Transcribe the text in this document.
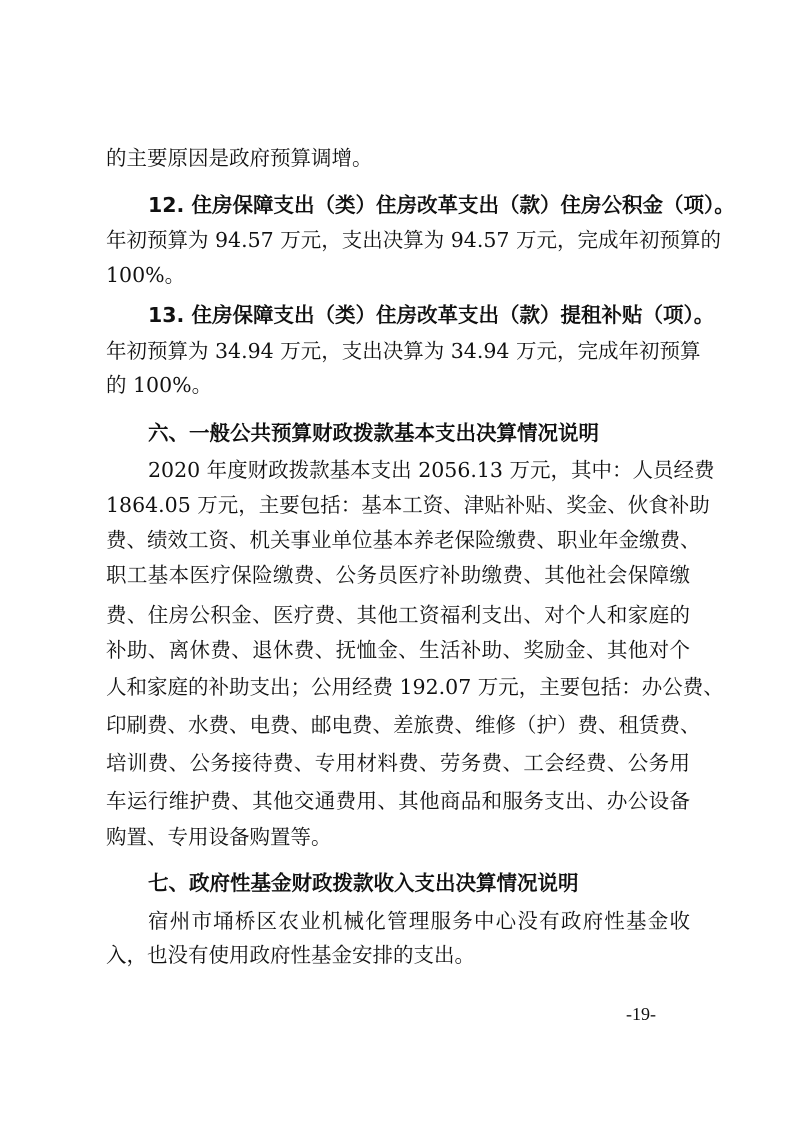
的主要原因是政府预算调增。
12. 住房保障支出（类）住房改革支出（款）住房公积金（项）。
年初预算为 94.57 万元，支出决算为 94.57 万元，完成年初预算的
100%。
13. 住房保障支出（类）住房改革支出（款）提租补贴（项）。
年初预算为 34.94 万元，支出决算为 34.94 万元，完成年初预算
的 100%。
六、一般公共预算财政拨款基本支出决算情况说明
2020 年度财政拨款基本支出 2056.13 万元，其中：人员经费
1864.05 万元，主要包括：基本工资、津贴补贴、奖金、伙食补助
费、绩效工资、机关事业单位基本养老保险缴费、职业年金缴费、
职工基本医疗保险缴费、公务员医疗补助缴费、其他社会保障缴
费、住房公积金、医疗费、其他工资福利支出、对个人和家庭的
补助、离休费、退休费、抚恤金、生活补助、奖励金、其他对个
人和家庭的补助支出；公用经费 192.07 万元，主要包括：办公费、
印刷费、水费、电费、邮电费、差旅费、维修（护）费、租赁费、
培训费、公务接待费、专用材料费、劳务费、工会经费、公务用
车运行维护费、其他交通费用、其他商品和服务支出、办公设备
购置、专用设备购置等。
七、政府性基金财政拨款收入支出决算情况说明
宿州市埇桥区农业机械化管理服务中心没有政府性基金收
入，也没有使用政府性基金安排的支出。
-19-
